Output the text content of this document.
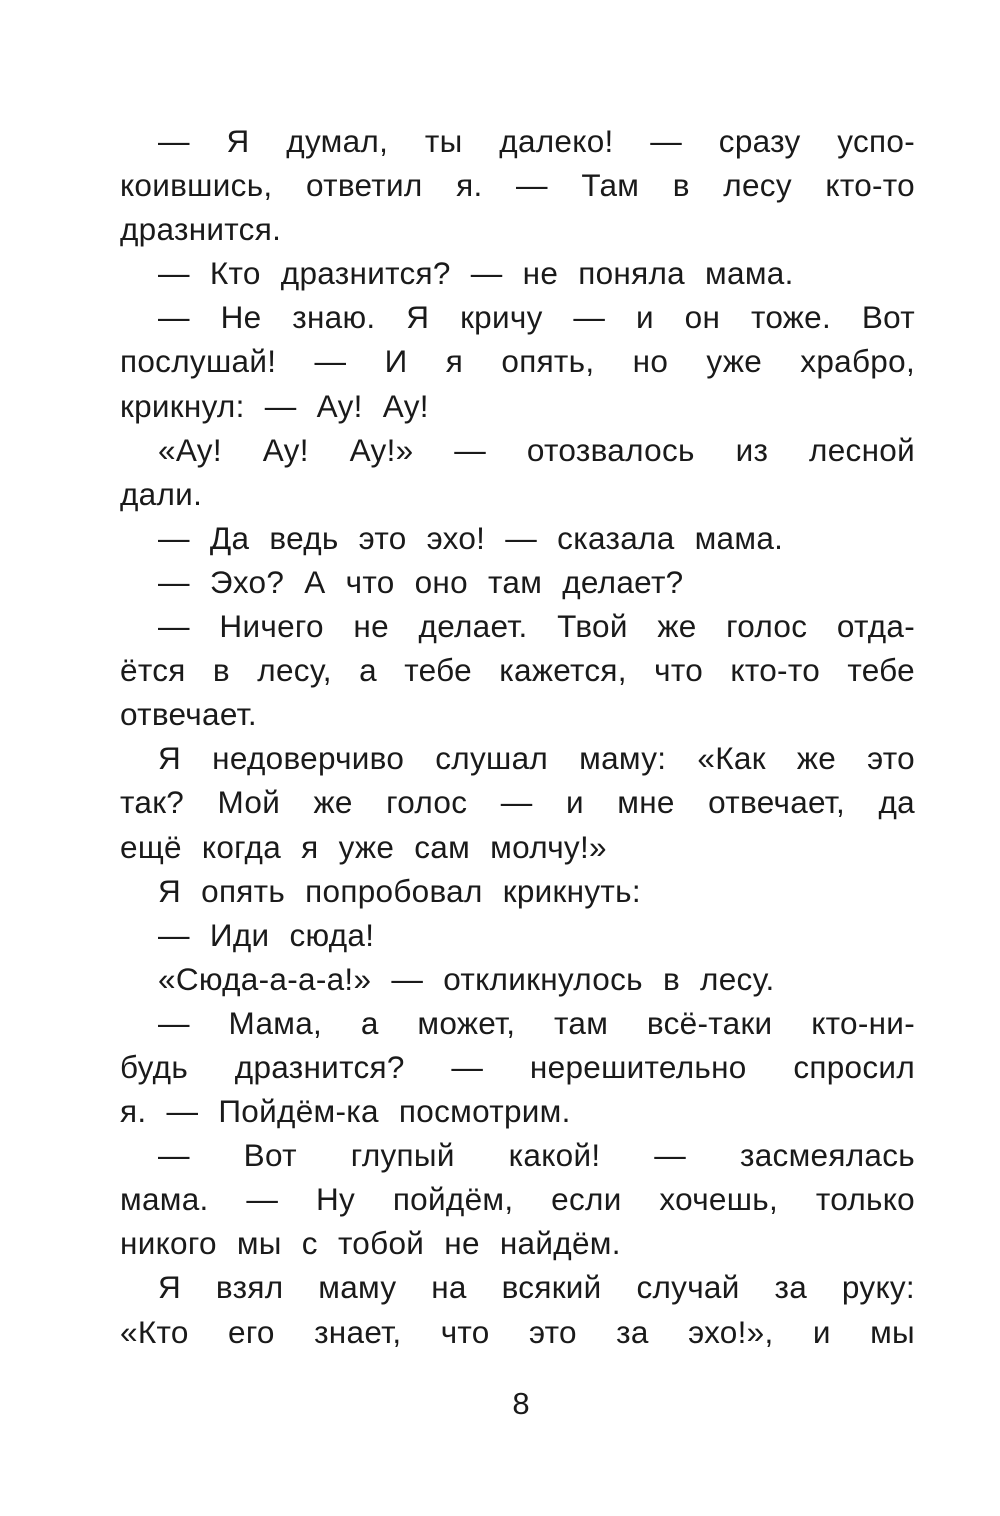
— Я думал, ты далеко! — сразу успо-
коившись, ответил я. — Там в лесу кто-то
дразнится.
— Кто дразнится? — не поняла мама.
— Не знаю. Я кричу — и он тоже. Вот
послушай! — И я опять, но уже храбро,
крикнул: — Ау! Ау!
«Ау! Ау! Ау!» — отозвалось из лесной
дали.
— Да ведь это эхо! — сказала мама.
— Эхо? А что оно там делает?
— Ничего не делает. Твой же голос отда-
ётся в лесу, а тебе кажется, что кто-то тебе
отвечает.
Я недоверчиво слушал маму: «Как же это
так? Мой же голос — и мне отвечает, да
ещё когда я уже сам молчу!»
Я опять попробовал крикнуть:
— Иди сюда!
«Сюда-а-а-а!» — откликнулось в лесу.
— Мама, а может, там всё-таки кто-ни-
будь дразнится? — нерешительно спросил
я. — Пойдём-ка посмотрим.
— Вот глупый какой! — засмеялась
мама. — Ну пойдём, если хочешь, только
никого мы с тобой не найдём.
Я взял маму на всякий случай за руку:
«Кто его знает, что это за эхо!», и мы
8
